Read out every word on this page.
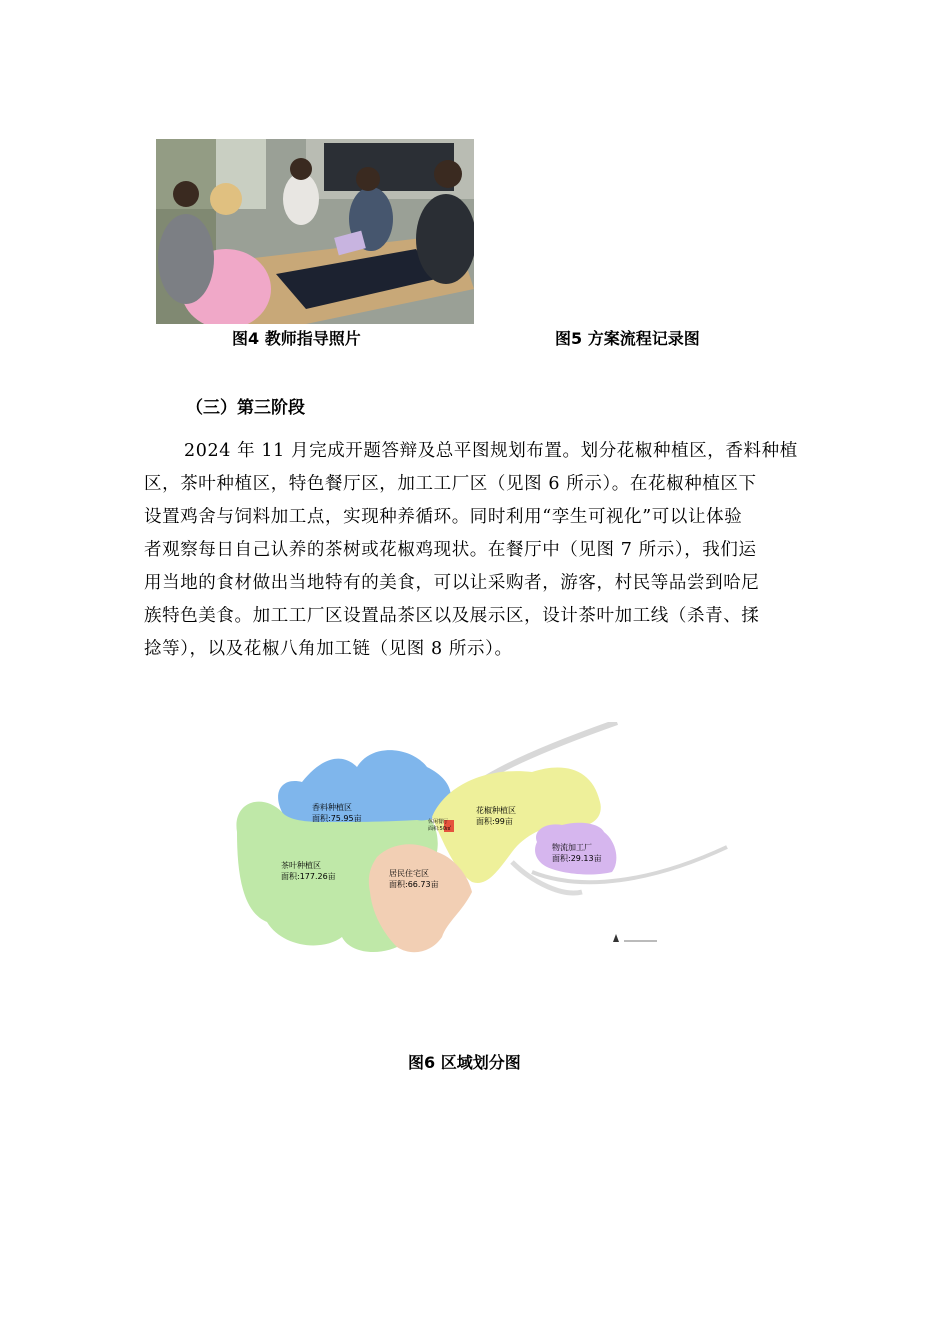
图4 教师指导照片	图5 方案流程记录图
（三）第三阶段
2024 年 11 月完成开题答辩及总平图规划布置。划分花椒种植区，香料种植
区，茶叶种植区，特色餐厅区，加工工厂区（见图 6 所示）。在花椒种植区下
设置鸡舍与饲料加工点，实现种养循环。同时利用“孪生可视化”可以让体验
者观察每日自己认养的茶树或花椒鸡现状。在餐厅中（见图 7 所示），我们运
用当地的食材做出当地特有的美食，可以让采购者，游客，村民等品尝到哈尼
族特色美食。加工工厂区设置品茶区以及展示区，设计茶叶加工线（杀青、揉
捻等），以及花椒八角加工链（见图 8 所示）。
香料种植区
面积:75.95亩
茶叶种植区
面积:177.26亩
花椒种植区
面积:99亩
物流加工厂
面积:29.13亩
居民住宅区
面积:66.73亩
休闲餐厅
面积:50㎡
图6 区域划分图
